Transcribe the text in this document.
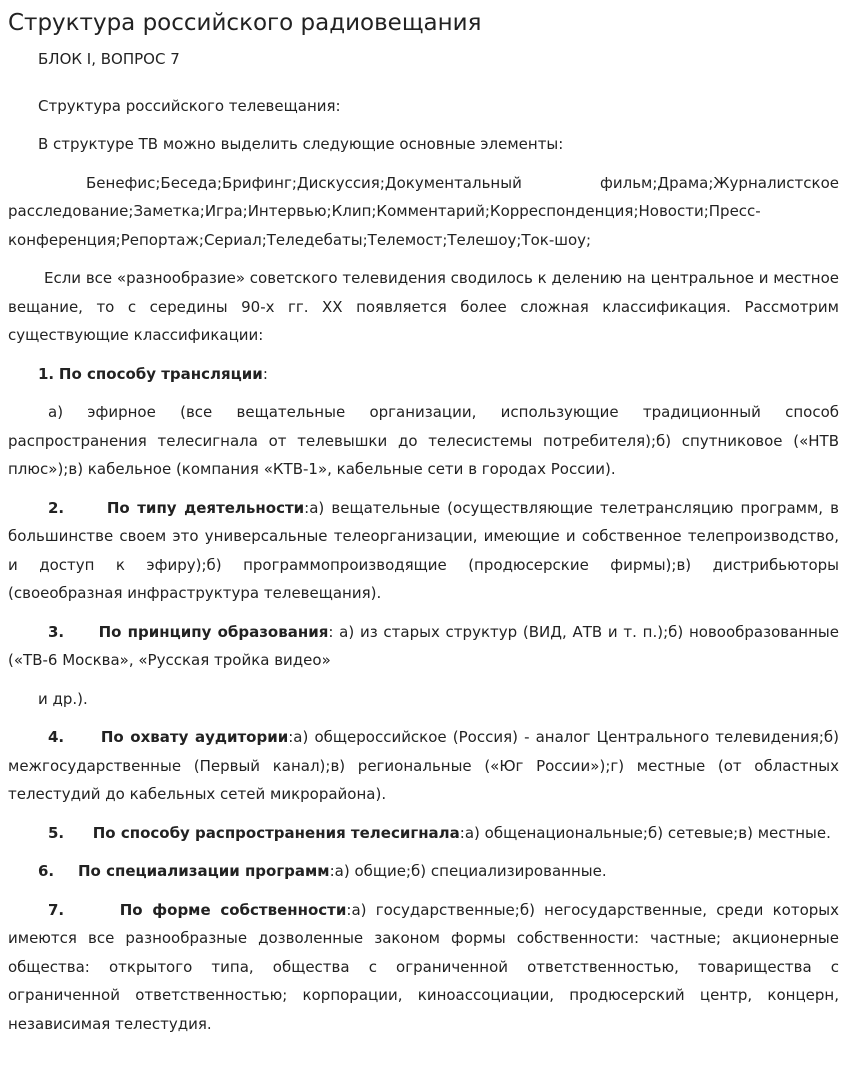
Структура российского радиовещания

БЛОК I, ВОПРОС 7

Структура российского телевещания:

В структуре ТВ можно выделить следующие основные элементы:

Бенефис;Беседа;Брифинг;Дискуссия;Документальный фильм;Драма;Журналистское расследование;Заметка;Игра;Интервью;Клип;Комментарий;Корреспонденция;Новости;Пресс-конференция;Репортаж;Сериал;Теледебаты;Телемост;Телешоу;Ток-шоу;

Если все «разнообразие» советского телевидения сводилось к делению на центральное и местное вещание, то с середины 90-х гг. XX появляется более сложная классификация. Рассмотрим существующие классификации:

1. По способу трансляции:

а) эфирное (все вещательные организации, использующие традиционный способ распространения телесигнала от телевышки до телесистемы потребителя);б) спутниковое («НТВ плюс»);в) кабельное (компания «КТВ-1», кабельные сети в городах России).

2.	По типу деятельности:а) вещательные (осуществляющие телетрансляцию программ, в большинстве своем это универсальные телеорганизации, имеющие и собственное телепроизводство, и доступ к эфиру);б) программопроизводящие (продюсерские фирмы);в) дистрибьюторы (своеобразная инфраструктура телевещания).

3. По принципу образования: а) из старых структур (ВИД, АТВ и т. п.);б) новообразованные («ТВ-6 Москва», «Русская тройка видео»

и др.).

4. По охвату аудитории:а) общероссийское (Россия) - аналог Центрального телевидения;б) межгосударственные (Первый канал);в) региональные («Юг России»);г) местные (от областных телестудий до кабельных сетей микрорайона).

5. По способу распространения телесигнала:а) общенациональные;б) сетевые;в) местные.

6. По специализации программ:а) общие;б) специализированные.

7.	По форме собственности:а) государственные;б) негосударственные, среди которых имеются все разнообразные дозволенные законом формы собственности: частные; акционерные общества: открытого типа, общества с ограниченной ответственностью, товарищества с ограниченной ответственностью; корпорации, киноассоциации, продюсерский центр, концерн, независимая телестудия.
